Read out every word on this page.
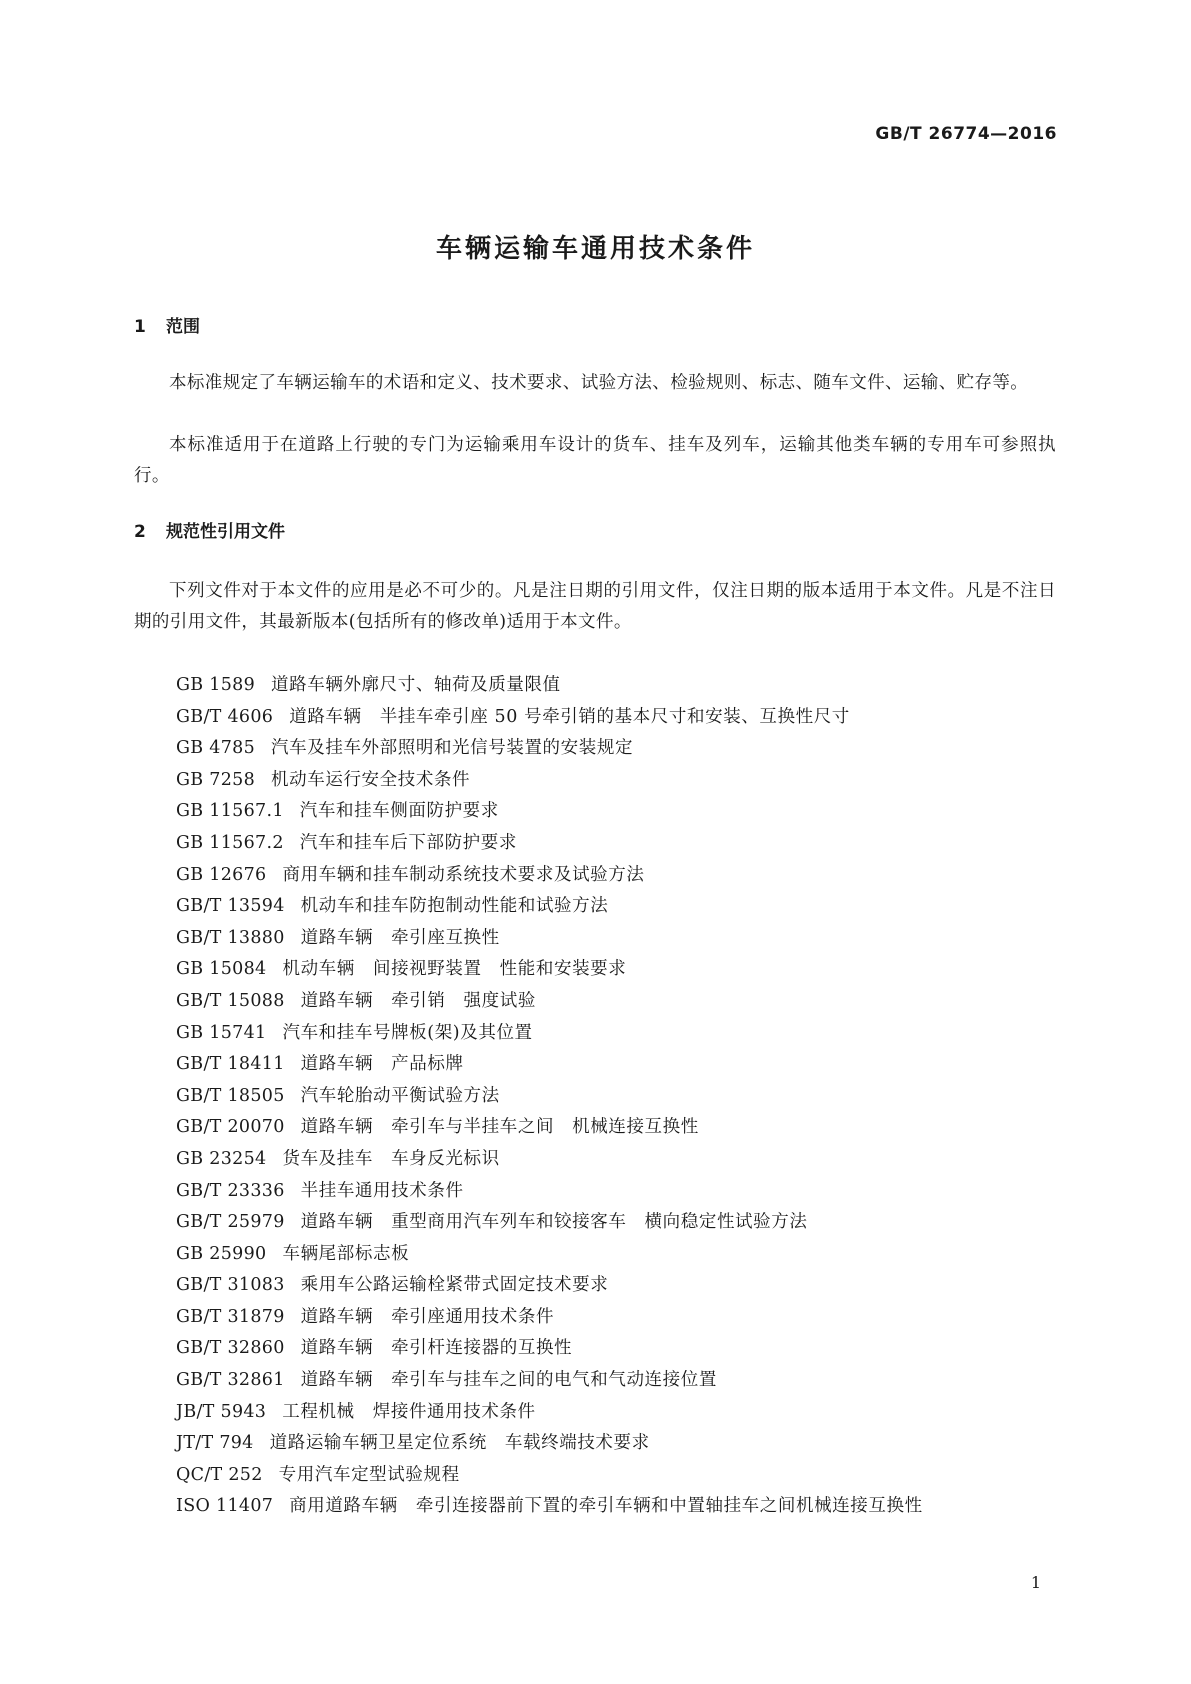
GB/T 26774—2016

车辆运输车通用技术条件
1 范围

本标准规定了车辆运输车的术语和定义、技术要求、试验方法、检验规则、标志、随车文件、运输、贮存等。

本标准适用于在道路上行驶的专门为运输乘用车设计的货车、挂车及列车，运输其他类车辆的专用车可参照执行。

2 规范性引用文件

下列文件对于本文件的应用是必不可少的。凡是注日期的引用文件，仅注日期的版本适用于本文件。凡是不注日期的引用文件，其最新版本(包括所有的修改单)适用于本文件。

GB 1589 道路车辆外廓尺寸、轴荷及质量限值
GB/T 4606 道路车辆　半挂车牵引座 50 号牵引销的基本尺寸和安装、互换性尺寸
GB 4785 汽车及挂车外部照明和光信号装置的安装规定
GB 7258 机动车运行安全技术条件
GB 11567.1 汽车和挂车侧面防护要求
GB 11567.2 汽车和挂车后下部防护要求
GB 12676 商用车辆和挂车制动系统技术要求及试验方法
GB/T 13594 机动车和挂车防抱制动性能和试验方法
GB/T 13880 道路车辆　牵引座互换性
GB 15084 机动车辆　间接视野装置　性能和安装要求
GB/T 15088 道路车辆　牵引销　强度试验
GB 15741 汽车和挂车号牌板(架)及其位置
GB/T 18411 道路车辆　产品标牌
GB/T 18505 汽车轮胎动平衡试验方法
GB/T 20070 道路车辆　牵引车与半挂车之间　机械连接互换性
GB 23254 货车及挂车　车身反光标识
GB/T 23336 半挂车通用技术条件
GB/T 25979 道路车辆　重型商用汽车列车和铰接客车　横向稳定性试验方法
GB 25990 车辆尾部标志板
GB/T 31083 乘用车公路运输栓紧带式固定技术要求
GB/T 31879 道路车辆　牵引座通用技术条件
GB/T 32860 道路车辆　牵引杆连接器的互换性
GB/T 32861 道路车辆　牵引车与挂车之间的电气和气动连接位置
JB/T 5943 工程机械　焊接件通用技术条件
JT/T 794 道路运输车辆卫星定位系统　车载终端技术要求
QC/T 252 专用汽车定型试验规程
ISO 11407 商用道路车辆　牵引连接器前下置的牵引车辆和中置轴挂车之间机械连接互换性

1
